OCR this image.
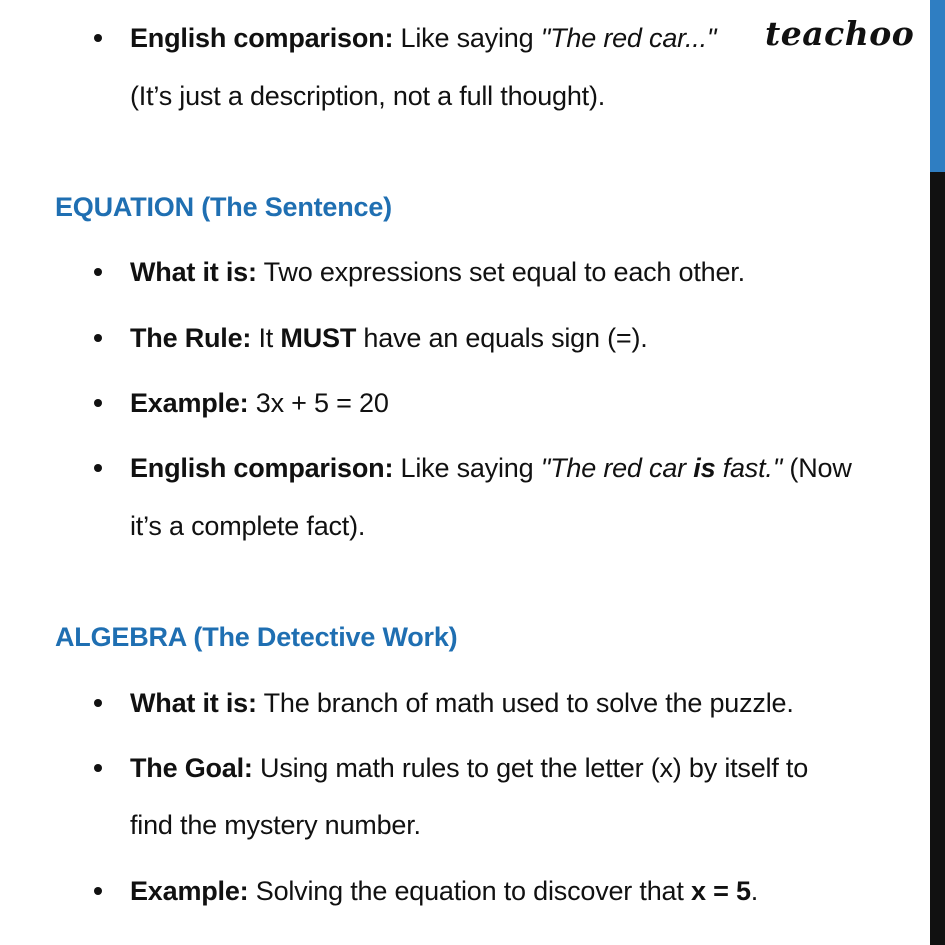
teachoo
English comparison: Like saying "The red car..."
(It’s just a description, not a full thought).
EQUATION (The Sentence)
What it is: Two expressions set equal to each other.
The Rule: It MUST have an equals sign (=).
Example: 3x + 5 = 20
English comparison: Like saying "The red car is fast." (Now
it’s a complete fact).
ALGEBRA (The Detective Work)
What it is: The branch of math used to solve the puzzle.
The Goal: Using math rules to get the letter (x) by itself to
find the mystery number.
Example: Solving the equation to discover that x = 5.
